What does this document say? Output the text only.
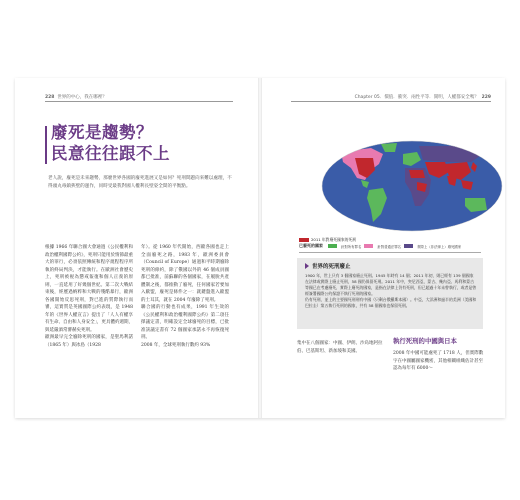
228 世界的中心，我在哪裡？
廢死是趨勢？
民意往往跟不上
老人說，廢死是未來趨勢，那麼世界各國的廢死進展又是如何？死刑問題向來難以處理，不得頭丸毒鎮狹壁的運作，同時受最我對國人權利長壁姿全間的平衡點。
根據 1966 年聯合國大會通過《公民權利和政治權利國際公約》，死刑只能用於情節最重大的罪行，必須依照傳統和程序規程程序所執的終局判決，才能執行。在歐洲社會歷史上，死刑被視為懲戒報復和個人正義的原則，一直延用了好幾個世紀。第二次大戰結束後，經歷過納粹和大戰的殘酷暴行，歐洲各國開始反思死刑，對已進的質際執行而審，這實質是英國國際公約表現，是 1948 年的《世界人權宣言》提出了「人人有權享有生命、自由和人身安全」，更具體約週期，與延嚴酒常審赫矣死刑。
歐洲最早完全廢除死刑的國家，是聖馬利諾（1865 年）與冰島（1928
年）。從 1960 年代開始，西歐各國也走上全面廢死之路，1983 年，歐洲委員會（Council of Europe）通過和平時期廢除死刑的條約，除了俄國以外的 46 個成員國都已批准，前蘇聯的各個國家，在履脫共產體制之後，都推動了廢死，任何國家若要加入歐盟，廢死是條件之一：就鍵盤進入歐盟的土耳其，就在 2004 年廢除了死刑。
聯合國的行動也有成果，1991 年生效的《公民權利和政治權利國際公約》第二項任擇議定書，明確設定全球廢死的目標，已批准該議定書有 72 個國家承諾永不再恢復死刑。
2008 年，全球死刑執行數約 93%
Chapter 05．價值．衝突．兩性平等．開明，人權都安全嗎？ 229
2011 年對廢死國家的死刑
已廢死的國家	針對所有罪名	針對普通法罪名	實際上（非法律上）廢死國家
世界的死刑廢止
1900 年，世上只有 3 個國家廢止死刑。1945 年時有 14 個；2011 年初，則已經有 139 個國家在法律或實際上廢止死刑，58 國仍保留死刑。2011 年中，突尼西亞、蒙古、幾內亞、馬利和蒙古等國已在考慮廢死，實際上廢死的國家，是指在法律上仍有死刑，但已超過十年未曾執行，或者是曾經簽署國際公約保證不執行死刑的國家。
仍有死刑，並上的主要國死刑刑有中國（只剩台俄羅斯本國）。中亞，大洋洲和過半的美洲（美國和巴拉圭）第五執行死刑的國家，共有 58 個國家也保留死刑。
集中在八個國家：中國、伊朗、沙烏地阿拉伯、巴基斯坦、新加坡和美國。
執行死刑的中國與日本
2008 年中國可能處死了 1718 人，但實際數字在中國屬國家機密，其他相關組織估計甚至認為每年有 6000～
